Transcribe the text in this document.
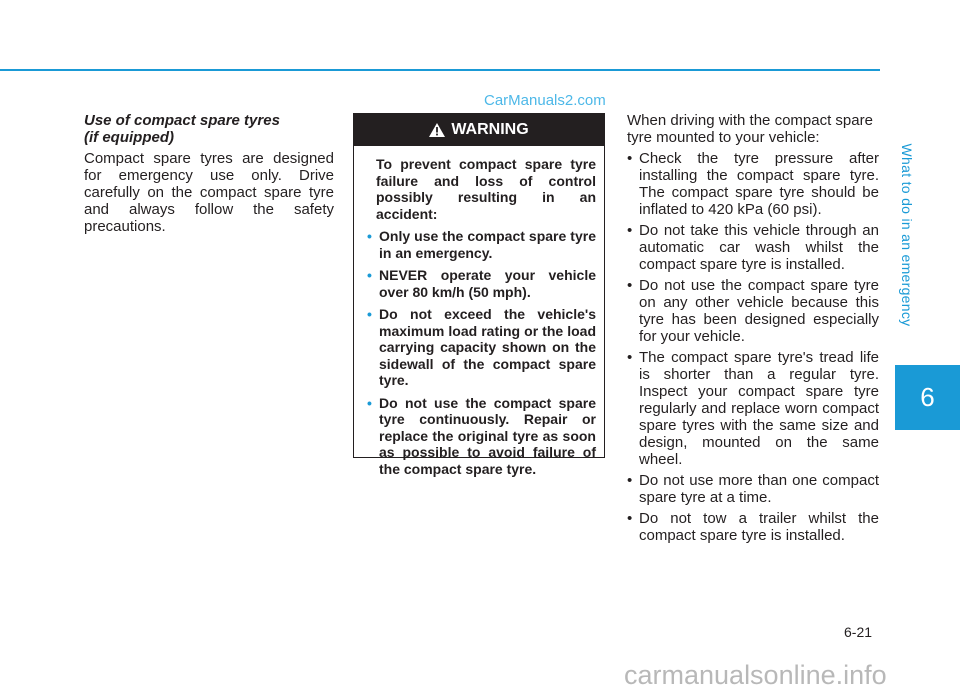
What to do in an emergency
6
CarManuals2.com
Use of compact spare tyres
(if equipped)

Compact spare tyres are designed for emergency use only. Drive carefully on the compact spare tyre and always follow the safety precautions.

WARNING

To prevent compact spare tyre failure and loss of control possibly resulting in an accident:

• Only use the compact spare tyre in an emergency.
• NEVER operate your vehicle over 80 km/h (50 mph).
• Do not exceed the vehicle's maximum load rating or the load carrying capacity shown on the sidewall of the compact spare tyre.
• Do not use the compact spare tyre continuously. Repair or replace the original tyre as soon as possible to avoid failure of the compact spare tyre.

When driving with the compact spare tyre mounted to your vehicle:

• Check the tyre pressure after installing the compact spare tyre. The compact spare tyre should be inflated to 420 kPa (60 psi).
• Do not take this vehicle through an automatic car wash whilst the compact spare tyre is installed.
• Do not use the compact spare tyre on any other vehicle because this tyre has been designed especially for your vehicle.
• The compact spare tyre's tread life is shorter than a regular tyre. Inspect your compact spare tyre regularly and replace worn compact spare tyres with the same size and design, mounted on the same wheel.
• Do not use more than one compact spare tyre at a time.
• Do not tow a trailer whilst the compact spare tyre is installed.
6-21
carmanualsonline.info
